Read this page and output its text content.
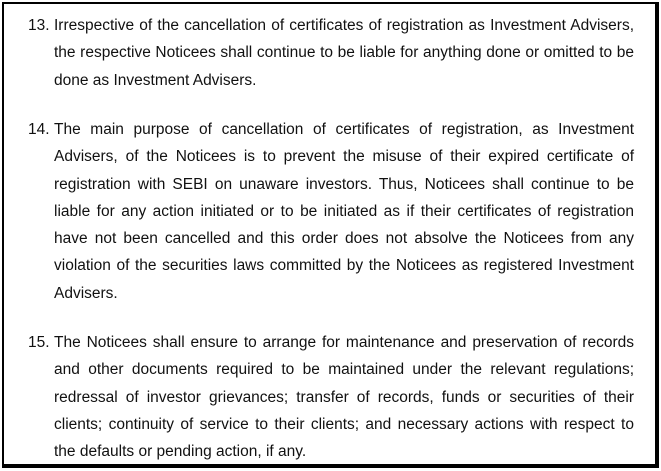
13. Irrespective of the cancellation of certificates of registration as Investment Advisers, the respective Noticees shall continue to be liable for anything done or omitted to be done as Investment Advisers.
14. The main purpose of cancellation of certificates of registration, as Investment Advisers, of the Noticees is to prevent the misuse of their expired certificate of registration with SEBI on unaware investors. Thus, Noticees shall continue to be liable for any action initiated or to be initiated as if their certificates of registration have not been cancelled and this order does not absolve the Noticees from any violation of the securities laws committed by the Noticees as registered Investment Advisers.
15. The Noticees shall ensure to arrange for maintenance and preservation of records and other documents required to be maintained under the relevant regulations; redressal of investor grievances; transfer of records, funds or securities of their clients; continuity of service to their clients; and necessary actions with respect to the defaults or pending action, if any.
